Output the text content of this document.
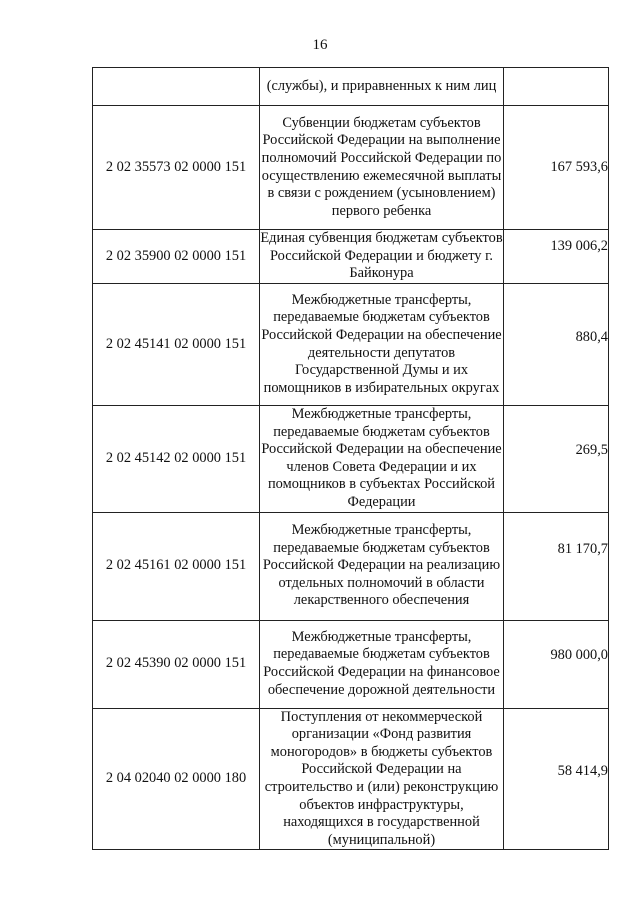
16
	(службы), и приравненных к ним лиц	
2 02 35573 02 0000 151	Субвенции бюджетам субъектов Российской Федерации на выполнение полномочий Российской Федерации по осуществлению ежемесячной выплаты в связи с рождением (усыновлением) первого ребенка	167 593,6
2 02 35900 02 0000 151	Единая субвенция бюджетам субъектов Российской Федерации и бюджету г. Байконура	139 006,2
2 02 45141 02 0000 151	Межбюджетные трансферты, передаваемые бюджетам субъектов Российской Федерации на обеспечение деятельности депутатов Государственной Думы и их помощников в избирательных округах	880,4
2 02 45142 02 0000 151	Межбюджетные трансферты, передаваемые бюджетам субъектов Российской Федерации на обеспечение членов Совета Федерации и их помощников в субъектах Российской Федерации	269,5
2 02 45161 02 0000 151	Межбюджетные трансферты, передаваемые бюджетам субъектов Российской Федерации на реализацию отдельных полномочий в области лекарственного обеспечения	81 170,7
2 02 45390 02 0000 151	Межбюджетные трансферты, передаваемые бюджетам субъектов Российской Федерации на финансовое обеспечение дорожной деятельности	980 000,0
2 04 02040 02 0000 180	Поступления от некоммерческой организации «Фонд развития моногородов» в бюджеты субъектов Российской Федерации на строительство и (или) реконструкцию объектов инфраструктуры, находящихся в государственной (муниципальной)	58 414,9
